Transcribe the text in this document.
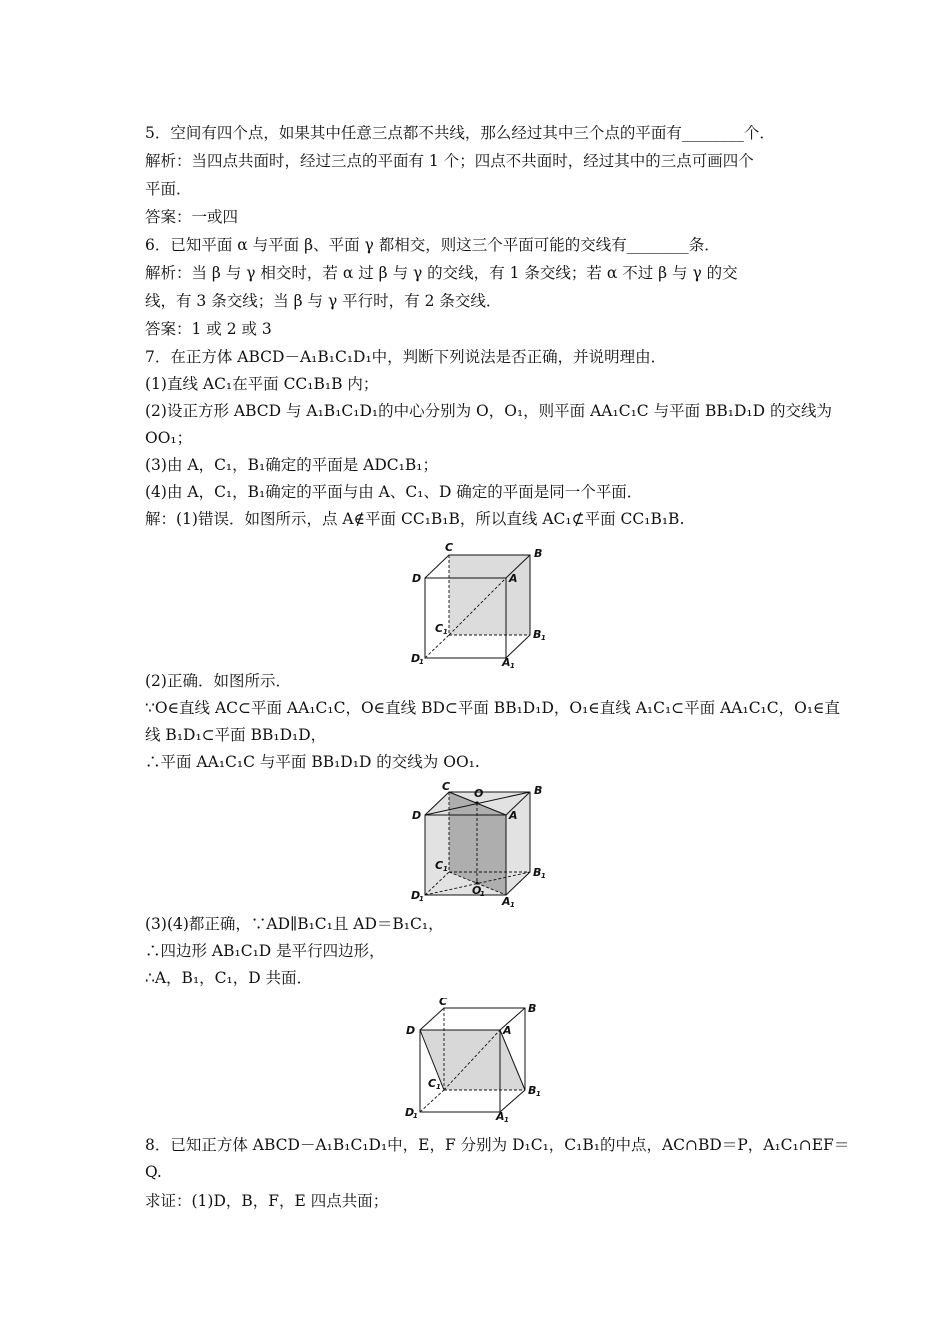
5．空间有四个点，如果其中任意三点都不共线，那么经过其中三个点的平面有________个．
解析：当四点共面时，经过三点的平面有 1 个；四点不共面时，经过其中的三点可画四个
平面．
答案：一或四
6．已知平面 α 与平面 β、平面 γ 都相交，则这三个平面可能的交线有________条．
解析：当 β 与 γ 相交时，若 α 过 β 与 γ 的交线，有 1 条交线；若 α 不过 β 与 γ 的交
线，有 3 条交线；当 β 与 γ 平行时，有 2 条交线．
答案：1 或 2 或 3
7．在正方体 ABCD－A₁B₁C₁D₁中，判断下列说法是否正确，并说明理由．
(1)直线 AC₁在平面 CC₁B₁B 内；
(2)设正方形 ABCD 与 A₁B₁C₁D₁的中心分别为 O，O₁，则平面 AA₁C₁C 与平面 BB₁D₁D 的交线为
OO₁；
(3)由 A，C₁，B₁确定的平面是 ADC₁B₁；
(4)由 A，C₁，B₁确定的平面与由 A、C₁、D 确定的平面是同一个平面．
解：(1)错误．如图所示，点 A∉平面 CC₁B₁B，所以直线 AC₁⊄平面 CC₁B₁B.
C	B
D	A
C 1	B 1
D
1	A 1
(2)正确．如图所示．
∵O∈直线 AC⊂平面 AA₁C₁C，O∈直线 BD⊂平面 BB₁D₁D，O₁∈直线 A₁C₁⊂平面 AA₁C₁C，O₁∈直
线 B₁D₁⊂平面 BB₁D₁D，
∴平面 AA₁C₁C 与平面 BB₁D₁D 的交线为 OO₁.
C	B
D	A
O
C 1	B 1
D
1
O
1
A 1
(3)(4)都正确，∵AD∥B₁C₁且 AD＝B₁C₁，
∴四边形 AB₁C₁D 是平行四边形，
∴A，B₁，C₁，D 共面．
C
B
D	A
C 1	B 1
D
1	A 1
8．已知正方体 ABCD－A₁B₁C₁D₁中，E，F 分别为 D₁C₁，C₁B₁的中点，AC∩BD＝P，A₁C₁∩EF＝
Q.
求证：(1)D，B，F，E 四点共面；
